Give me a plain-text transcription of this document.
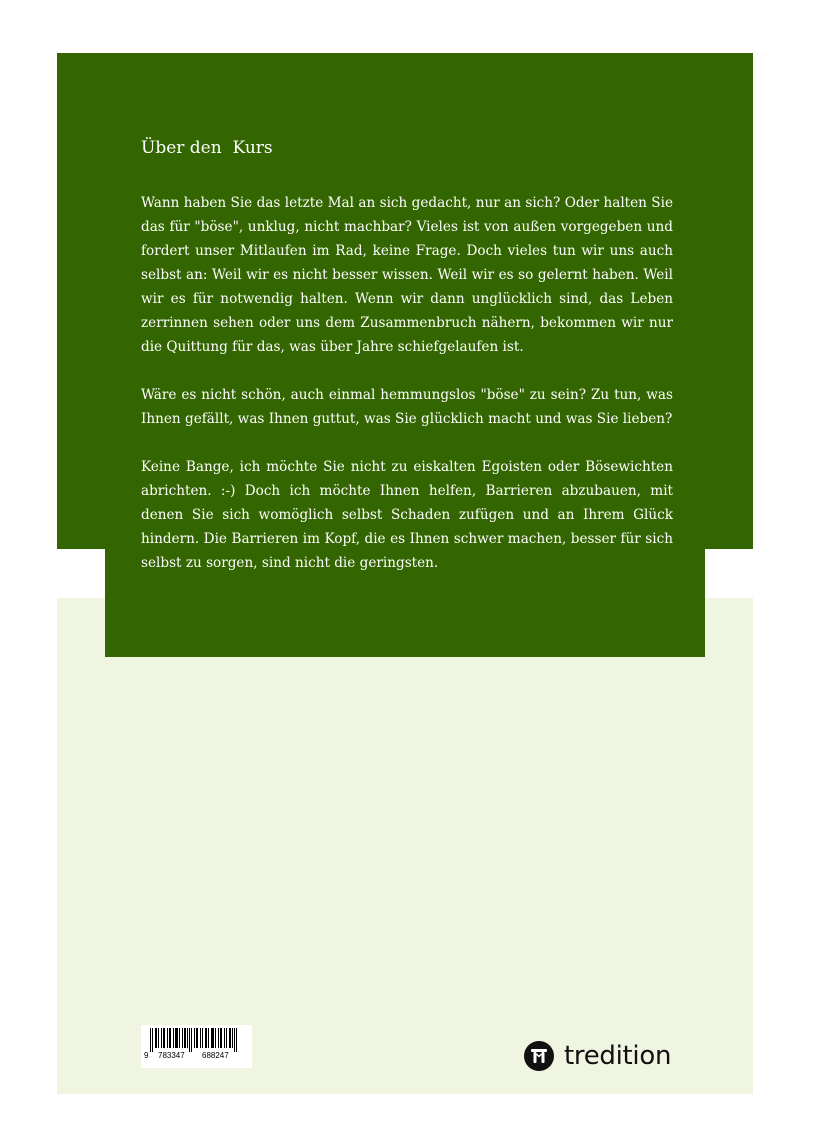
Über den  Kurs

Wann haben Sie das letzte Mal an sich gedacht, nur an sich? Oder halten Sie das für "böse", unklug, nicht machbar? Vieles ist von außen vorgegeben und fordert unser Mitlaufen im Rad, keine Frage. Doch vieles tun wir uns auch selbst an: Weil wir es nicht besser wissen. Weil wir es so gelernt haben. Weil wir es für notwendig halten. Wenn wir dann unglücklich sind, das Leben zerrinnen sehen oder uns dem Zusammenbruch nähern, bekommen wir nur die Quittung für das, was über Jahre schiefgelaufen ist.

Wäre es nicht schön, auch einmal hemmungslos "böse" zu sein? Zu tun, was Ihnen gefällt, was Ihnen guttut, was Sie glücklich macht und was Sie lieben?

Keine Bange, ich möchte Sie nicht zu eiskalten Egoisten oder Bösewichten abrichten. :-) Doch ich möchte Ihnen helfen, Barrieren abzubauen, mit denen Sie sich womöglich selbst Schaden zufügen und an Ihrem Glück hindern. Die Barrieren im Kopf, die es Ihnen schwer machen, besser für sich selbst zu sorgen, sind nicht die geringsten.

9 783347 688247	tredition
